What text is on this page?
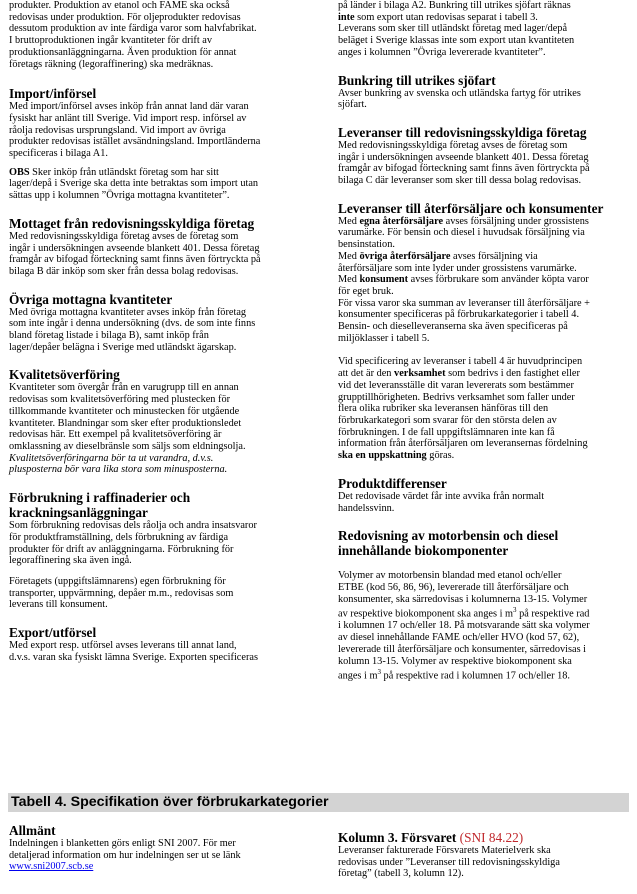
produkter. Produktion av etanol och FAME ska också

redovisas under produktion. För oljeprodukter redovisas

dessutom produktion av inte färdiga varor som halvfabrikat.

I bruttoproduktionen ingår kvantiteter för drift av

produktionsanläggningarna. Även produktion för annat

företags räkning (legoraffinering) ska medräknas.

Import/införsel

Med import/införsel avses inköp från annat land där varan

fysiskt har anlänt till Sverige. Vid import resp. införsel av

råolja redovisas ursprungsland. Vid import av övriga

produkter redovisas istället avsändningsland. Importländerna

specificeras i bilaga A1.

OBS Sker inköp från utländskt företag som har sitt

lager/depå i Sverige ska detta inte betraktas som import utan

sättas upp i kolumnen ”Övriga mottagna kvantiteter”.

Mottaget från redovisningsskyldiga företag

Med redovisningsskyldiga företag avses de företag som

ingår i undersökningen avseende blankett 401. Dessa företag

framgår av bifogad förteckning samt finns även förtryckta på

bilaga B där inköp som sker från dessa bolag redovisas.

Övriga mottagna kvantiteter

Med övriga mottagna kvantiteter avses inköp från företag

som inte ingår i denna undersökning (dvs. de som inte finns

bland företag listade i bilaga B), samt inköp från

lager/depåer belägna i Sverige med utländskt ägarskap.

Kvalitetsöverföring

Kvantiteter som övergår från en varugrupp till en annan

redovisas som kvalitetsöverföring med plustecken för

tillkommande kvantiteter och minustecken för utgående

kvantiteter. Blandningar som sker efter produktionsledet

redovisas här. Ett exempel på kvalitetsöverföring är

omklassning av dieselbränsle som säljs som eldningsolja.

Kvalitetsöverföringarna bör ta ut varandra, d.v.s.

plusposterna bör vara lika stora som minusposterna.

Förbrukning i raffinaderier och
krackningsanläggningar

Som förbrukning redovisas dels råolja och andra insatsvaror

för produktframställning, dels förbrukning av färdiga

produkter för drift av anläggningarna. Förbrukning för

legoraffinering ska även ingå.

Företagets (uppgiftslämnarens) egen förbrukning för

transporter, uppvärmning, depåer m.m., redovisas som

leverans till konsument.

Export/utförsel

Med export resp. utförsel avses leverans till annat land,

d.v.s. varan ska fysiskt lämna Sverige. Exporten specificeras

på länder i bilaga A2. Bunkring till utrikes sjöfart räknas

inte som export utan redovisas separat i tabell 3.

Leverans som sker till utländskt företag med lager/depå

beläget i Sverige klassas inte som export utan kvantiteten

anges i kolumnen ”Övriga levererade kvantiteter”.

Bunkring till utrikes sjöfart

Avser bunkring av svenska och utländska fartyg för utrikes

sjöfart.

Leveranser till redovisningsskyldiga företag

Med redovisningsskyldiga företag avses de företag som

ingår i undersökningen avseende blankett 401. Dessa företag

framgår av bifogad förteckning samt finns även förtryckta på

bilaga C där leveranser som sker till dessa bolag redovisas.

Leveranser till återförsäljare och konsumenter

Med egna återförsäljare avses försäljning under grossistens

varumärke. För bensin och diesel i huvudsak försäljning via

bensinstation.

Med övriga återförsäljare avses försäljning via

återförsäljare som inte lyder under grossistens varumärke.

Med konsument avses förbrukare som använder köpta varor

för eget bruk.

För vissa varor ska summan av leveranser till återförsäljare +

konsumenter specificeras på förbrukarkategorier i tabell 4.

Bensin- och dieselleveranserna ska även specificeras på

miljöklasser i tabell 5.

Vid specificering av leveranser i tabell 4 är huvudprincipen

att det är den verksamhet som bedrivs i den fastighet eller

vid det leveransställe dit varan levererats som bestämmer

grupptillhörigheten. Bedrivs verksamhet som faller under

flera olika rubriker ska leveransen hänföras till den

förbrukarkategori som svarar för den största delen av

förbrukningen. I de fall uppgiftslämnaren inte kan få

information från återförsäljaren om leveransernas fördelning

ska en uppskattning göras.

Produktdifferenser

Det redovisade värdet får inte avvika från normalt

handelssvinn.

Redovisning av motorbensin och diesel
innehållande biokomponenter

Volymer av motorbensin blandad med etanol och/eller

ETBE (kod 56, 86, 96), levererade till återförsäljare och

konsumenter, ska särredovisas i kolumnerna 13-15. Volymer

av respektive biokomponent ska anges i $m^3$ på respektive rad

i kolumnen 17 och/eller 18. På motsvarande sätt ska volymer

av diesel innehållande FAME och/eller HVO (kod 57, 62),

levererade till återförsäljare och konsumenter, särredovisas i

kolumn 13-15. Volymer av respektive biokomponent ska

anges i $m^3$ på respektive rad i kolumnen 17 och/eller 18.

Tabell 4. Specifikation över förbrukarkategorier
Allmänt

Indelningen i blanketten görs enligt SNI 2007. För mer

detaljerad information om hur indelningen ser ut se länk

www.sni2007.scb.se

Kolumn 3. Försvaret (SNI 84.22)

Leveranser fakturerade Försvarets Materielverk ska

redovisas under ”Leveranser till redovisningsskyldiga

företag” (tabell 3, kolumn 12).
